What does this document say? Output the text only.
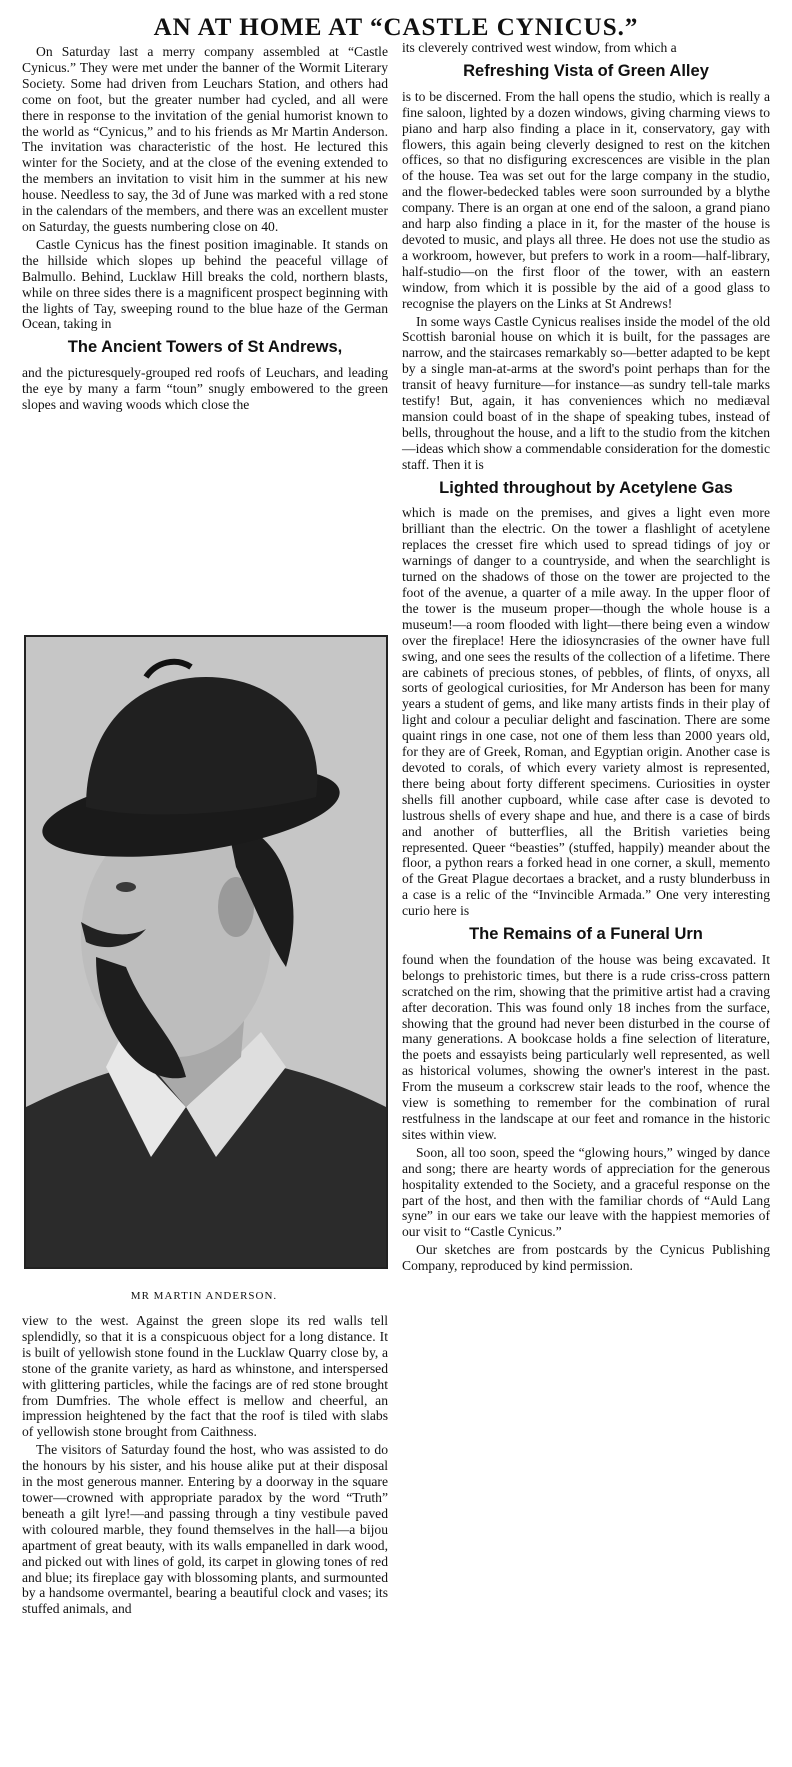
AN AT HOME AT “CASTLE CYNICUS.”

On Saturday last a merry company assembled at “Castle Cynicus.” They were met under the banner of the Wormit Literary Society. Some had driven from Leuchars Station, and others had come on foot, but the greater number had cycled, and all were there in response to the invitation of the genial humorist known to the world as “Cynicus,” and to his friends as Mr Martin Anderson. The invitation was characteristic of the host. He lectured this winter for the Society, and at the close of the evening extended to the members an invitation to visit him in the summer at his new house. Needless to say, the 3d of June was marked with a red stone in the calendars of the members, and there was an excellent muster on Saturday, the guests numbering close on 40.

Castle Cynicus has the finest position imaginable. It stands on the hillside which slopes up behind the peaceful village of Balmullo. Behind, Lucklaw Hill breaks the cold, northern blasts, while on three sides there is a magnificent prospect beginning with the lights of Tay, sweeping round to the blue haze of the German Ocean, taking in

The Ancient Towers of St Andrews,

and the picturesquely-grouped red roofs of Leuchars, and leading the eye by many a farm “toun” snugly embowered to the green slopes and waving woods which close the

MR MARTIN ANDERSON.

view to the west. Against the green slope its red walls tell splendidly, so that it is a conspicuous object for a long distance. It is built of yellowish stone found in the Lucklaw Quarry close by, a stone of the granite variety, as hard as whinstone, and interspersed with glittering particles, while the facings are of red stone brought from Dumfries. The whole effect is mellow and cheerful, an impression heightened by the fact that the roof is tiled with slabs of yellowish stone brought from Caithness.

The visitors of Saturday found the host, who was assisted to do the honours by his sister, and his house alike put at their disposal in the most generous manner. Entering by a doorway in the square tower—crowned with appropriate paradox by the word “Truth” beneath a gilt lyre!—and passing through a tiny vestibule paved with coloured marble, they found themselves in the hall—a bijou apartment of great beauty, with its walls empanelled in dark wood, and picked out with lines of gold, its carpet in glowing tones of red and blue; its fireplace gay with blossoming plants, and surmounted by a handsome overmantel, bearing a beautiful clock and vases; its stuffed animals, and

its cleverely contrived west window, from which a

Refreshing Vista of Green Alley

is to be discerned. From the hall opens the studio, which is really a fine saloon, lighted by a dozen windows, giving charming views to piano and harp also finding a place in it, conservatory, gay with flowers, this again being cleverly designed to rest on the kitchen offices, so that no disfiguring excrescences are visible in the plan of the house. Tea was set out for the large company in the studio, and the flower-bedecked tables were soon surrounded by a blythe company. There is an organ at one end of the saloon, a grand piano and harp also finding a place in it, for the master of the house is devoted to music, and plays all three. He does not use the studio as a workroom, however, but prefers to work in a room—half-library, half-studio—on the first floor of the tower, with an eastern window, from which it is possible by the aid of a good glass to recognise the players on the Links at St Andrews!

In some ways Castle Cynicus realises inside the model of the old Scottish baronial house on which it is built, for the passages are narrow, and the staircases remarkably so—better adapted to be kept by a single man-at-arms at the sword's point perhaps than for the transit of heavy furniture—for instance—as sundry tell-tale marks testify! But, again, it has conveniences which no mediæval mansion could boast of in the shape of speaking tubes, instead of bells, throughout the house, and a lift to the studio from the kitchen—ideas which show a commendable consideration for the domestic staff. Then it is

Lighted throughout by Acetylene Gas

which is made on the premises, and gives a light even more brilliant than the electric. On the tower a flashlight of acetylene replaces the cresset fire which used to spread tidings of joy or warnings of danger to a countryside, and when the searchlight is turned on the shadows of those on the tower are projected to the foot of the avenue, a quarter of a mile away. In the upper floor of the tower is the museum proper—though the whole house is a museum!—a room flooded with light—there being even a window over the fireplace! Here the idiosyncrasies of the owner have full swing, and one sees the results of the collection of a lifetime. There are cabinets of precious stones, of pebbles, of flints, of onyxs, all sorts of geological curiosities, for Mr Anderson has been for many years a student of gems, and like many artists finds in their play of light and colour a peculiar delight and fascination. There are some quaint rings in one case, not one of them less than 2000 years old, for they are of Greek, Roman, and Egyptian origin. Another case is devoted to corals, of which every variety almost is represented, there being about forty different specimens. Curiosities in oyster shells fill another cupboard, while case after case is devoted to lustrous shells of every shape and hue, and there is a case of birds and another of butterflies, all the British varieties being represented. Queer “beasties” (stuffed, happily) meander about the floor, a python rears a forked head in one corner, a skull, memento of the Great Plague decortaes a bracket, and a rusty blunderbuss in a case is a relic of the “Invincible Armada.” One very interesting curio here is

The Remains of a Funeral Urn

found when the foundation of the house was being excavated. It belongs to prehistoric times, but there is a rude criss-cross pattern scratched on the rim, showing that the primitive artist had a craving after decoration. This was found only 18 inches from the surface, showing that the ground had never been disturbed in the course of many generations. A bookcase holds a fine selection of literature, the poets and essayists being particularly well represented, as well as historical volumes, showing the owner's interest in the past. From the museum a corkscrew stair leads to the roof, whence the view is something to remember for the combination of rural restfulness in the landscape at our feet and romance in the historic sites within view.

Soon, all too soon, speed the “glowing hours,” winged by dance and song; there are hearty words of appreciation for the generous hospitality extended to the Society, and a graceful response on the part of the host, and then with the familiar chords of “Auld Lang syne” in our ears we take our leave with the happiest memories of our visit to “Castle Cynicus.”

Our sketches are from postcards by the Cynicus Publishing Company, reproduced by kind permission.
